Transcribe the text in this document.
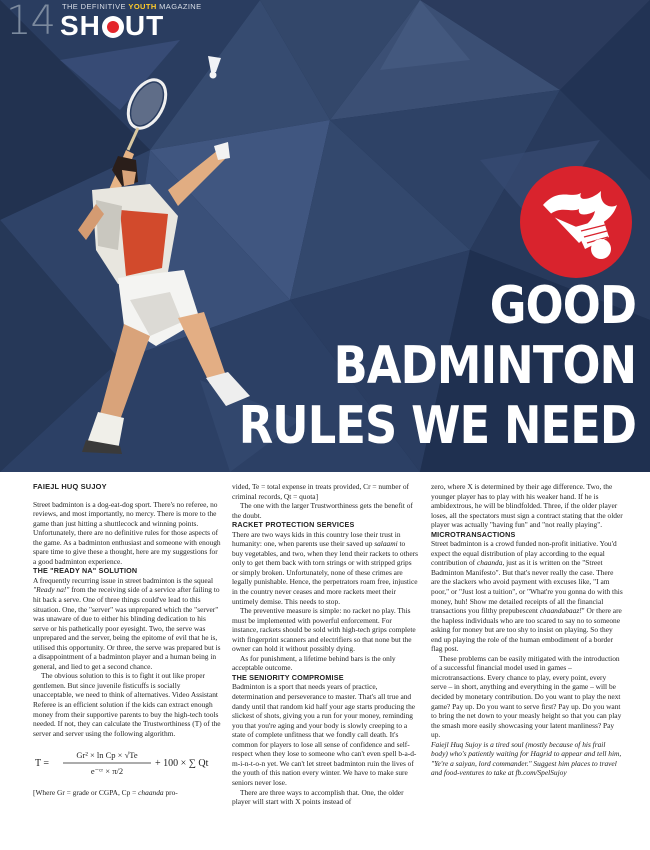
14 THE DEFINITIVE YOUTH MAGAZINE
SH UT
GOOD
BADMINTON
RULES WE NEED
FAIEJL HUQ SUJOY

Street badminton is a dog-eat-dog sport. There's no referee, no reviews, and most importantly, no mercy. There is more to the game than just hitting a shuttlecock and winning points. Unfortunately, there are no definitive rules for those aspects of the game. As a badminton enthusiast and someone with enough spare time to give these a thought, here are my suggestions for a good badminton experience.

THE "READY NA" SOLUTION

A frequently recurring issue in street badminton is the squeal "Ready na!" from the receiving side of a service after failing to hit back a serve. One of three things could've lead to this situation. One, the "server" was unprepared which the "server" was unaware of due to either his blinding dedication to his serve or his pathetically poor eyesight. Two, the serve was unprepared and the server, being the epitome of evil that he is, utilised this opportunity. Or three, the serve was prepared but is a disappointment of a badminton player and a human being in general, and lied to get a second chance.

The obvious solution to this is to fight it out like proper gentlemen. But since juvenile fisticuffs is socially unacceptable, we need to think of alternatives. Video Assistant Referee is an efficient solution if the kids can extract enough money from their supportive parents to buy the high-tech tools needed. If not, they can calculate the Trustworthiness (T) of the server and server using the following algorithm.

T =
Gr² × ln Cp × √Te
e⁻ᶜʳ × π/2
+ 100 × ∑ Qt

[Where Gr = grade or CGPA, Cp = chaanda pro-

vided, Te = total expense in treats provided, Cr = number of criminal records, Qt = quota]

The one with the larger Trustworthiness gets the benefit of the doubt.

RACKET PROTECTION SERVICES

There are two ways kids in this country lose their trust in humanity: one, when parents use their saved up salaami to buy vegetables, and two, when they lend their rackets to others only to get them back with torn strings or with stripped grips or simply broken. Unfortunately, none of these crimes are legally punishable. Hence, the perpetrators roam free, injustice in the country never ceases and more rackets meet their untimely demise. This needs to stop.

The preventive measure is simple: no racket no play. This must be implemented with powerful enforcement. For instance, rackets should be sold with high-tech grips complete with fingerprint scanners and electrifiers so that none but the owner can hold it without possibly dying.

As for punishment, a lifetime behind bars is the only acceptable outcome.

THE SENIORITY COMPROMISE

Badminton is a sport that needs years of practice, determination and perseverance to master. That's all true and dandy until that random kid half your age starts producing the slickest of shots, giving you a run for your money, reminding you that you're aging and your body is slowly creeping to a state of complete unfitness that we fondly call death. It's common for players to lose all sense of confidence and self-respect when they lose to someone who can't even spell b-a-d-m-i-n-t-o-n yet. We can't let street badminton ruin the lives of the youth of this nation every winter. We have to make sure seniors never lose.

There are three ways to accomplish that. One, the older player will start with X points instead of

zero, where X is determined by their age difference. Two, the younger player has to play with his weaker hand. If he is ambidextrous, he will be blindfolded. Three, if the older player loses, all the spectators must sign a contract stating that the older player was actually "having fun" and "not really playing".

MICROTRANSACTIONS

Street badminton is a crowd funded non-profit initiative. You'd expect the equal distribution of play according to the equal contribution of chaanda, just as it is written on the "Street Badminton Manifesto". But that's never really the case. There are the slackers who avoid payment with excuses like, "I am poor," or "Just lost a tuition", or "What're you gonna do with this money, huh! Show me detailed receipts of all the financial transactions you filthy prepubescent chaandabaaz!" Or there are the hapless individuals who are too scared to say no to someone asking for money but are too shy to insist on playing. So they end up playing the role of the human embodiment of a border flag post.

These problems can be easily mitigated with the introduction of a successful financial model used in games – microtransactions. Every chance to play, every point, every serve – in short, anything and everything in the game – will be decided by monetary contribution. Do you want to play the next game? Pay up. Do you want to serve first? Pay up. Do you want to bring the net down to your measly height so that you can play the smash more easily showcasing your latent manliness? Pay up.

Faiejl Huq Sujoy is a tired soul (mostly because of his frail body) who's patiently waiting for Hagrid to appear and tell him, "Ye're a saiyan, lord commander." Suggest him places to travel and food-ventures to take at fb.com/SpelSujoy
